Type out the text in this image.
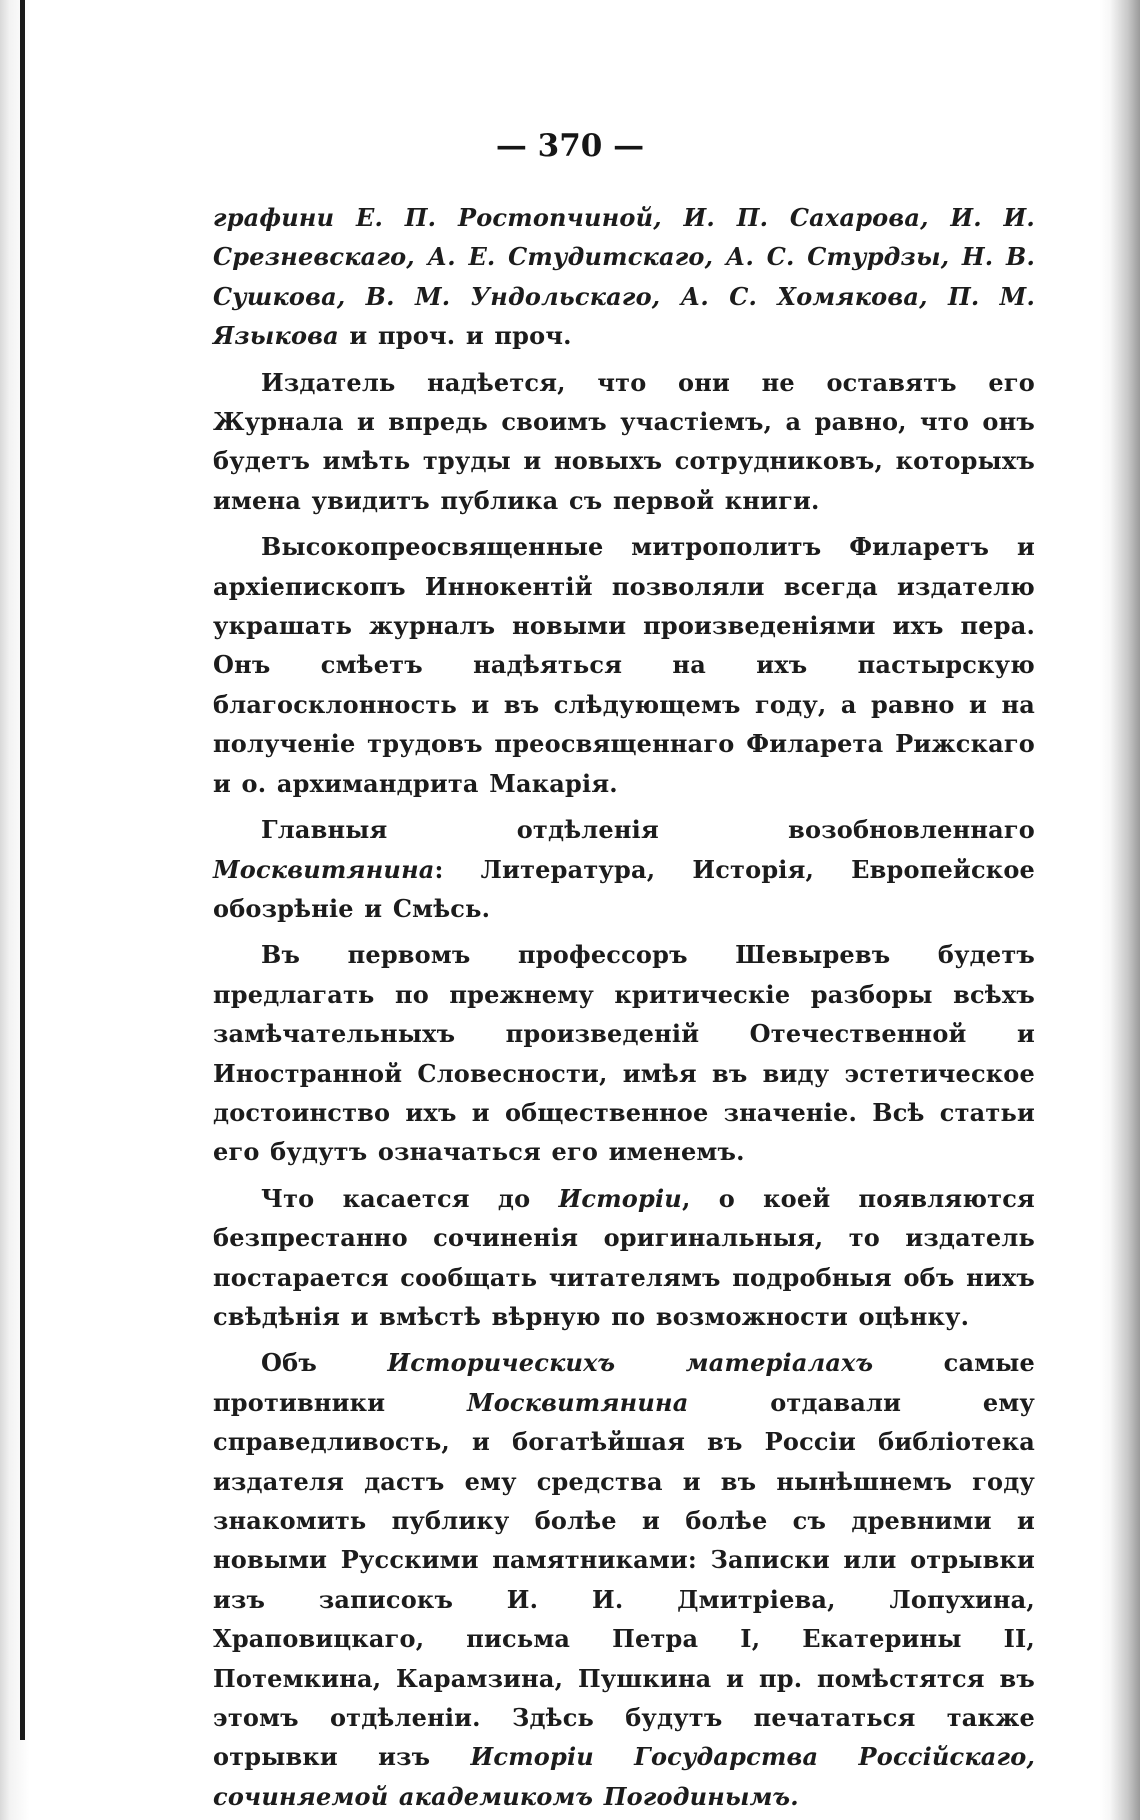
— 370 —

графини Е. П. Ростопчиной, И. П. Сахарова, И. И. Срезневскаго, А. Е. Студитскаго, А. С. Стурдзы, Н. В. Сушкова, В. М. Ундольскаго, А. С. Хомякова, П. М. Языкова и проч. и проч.

Издатель надѣется, что они не оставятъ его Журнала и впредь своимъ участіемъ, а равно, что онъ будетъ имѣть труды и новыхъ сотрудниковъ, которыхъ имена увидитъ публика съ первой книги.

Высокопреосвященные митрополитъ Филаретъ и архіепископъ Иннокентій позволяли всегда издателю украшать журналъ новыми произведеніями ихъ пера. Онъ смѣетъ надѣяться на ихъ пастырскую благосклонность и въ слѣдующемъ году, а равно и на полученіе трудовъ преосвященнаго Филарета Рижскаго и о. архимандрита Макарія.

Главныя отдѣленія возобновленнаго Москвитянина: Литература, Исторія, Европейское обозрѣніе и Смѣсь.

Въ первомъ профессоръ Шевыревъ будетъ предлагать по прежнему критическіе разборы всѣхъ замѣчательныхъ произведеній Отечественной и Иностранной Словесности, имѣя въ виду эстетическое достоинство ихъ и общественное значеніе. Всѣ статьи его будутъ означаться его именемъ.

Что касается до Исторіи, о коей появляются безпрестанно сочиненія оригинальныя, то издатель постарается сообщать читателямъ подробныя объ нихъ свѣдѣнія и вмѣстѣ вѣрную по возможности оцѣнку.

Объ Историческихъ матеріалахъ самые противники Москвитянина отдавали ему справедливость, и богатѣйшая въ Россіи библіотека издателя дастъ ему средства и въ нынѣшнемъ году знакомить публику болѣе и болѣе съ древними и новыми Русскими памятниками: Записки или отрывки изъ записокъ И. И. Дмитріева, Лопухина, Храповицкаго, письма Петра I, Екатерины II, Потемкина, Карамзина, Пушкина и пр. помѣстятся въ этомъ отдѣленіи. Здѣсь будутъ печататься также отрывки изъ Исторіи Государства Россійскаго, сочиняемой академикомъ Погодинымъ.
